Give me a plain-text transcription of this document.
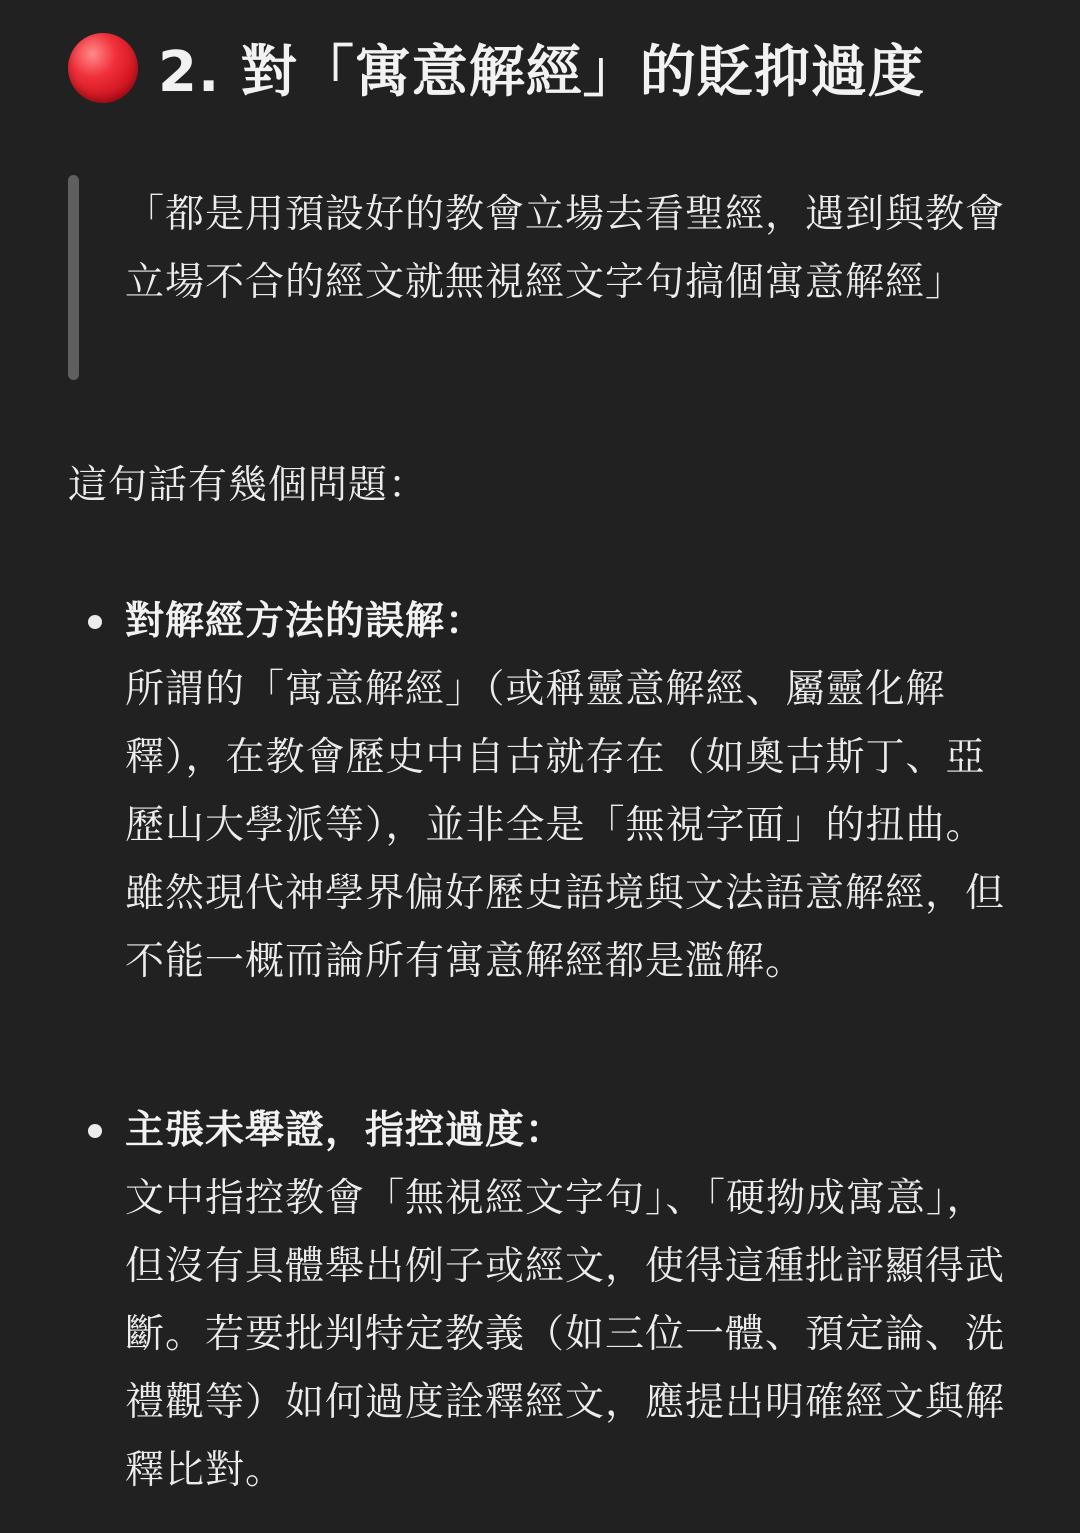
2. 對「寓意解經」的貶抑過度
「都是用預設好的教會立場去看聖經，遇到與教會立場不合的經文就無視經文字句搞個寓意解經」
這句話有幾個問題：
對解經方法的誤解：
所謂的「寓意解經」（或稱靈意解經、屬靈化解釋），在教會歷史中自古就存在（如奧古斯丁、亞歷山大學派等），並非全是「無視字面」的扭曲。雖然現代神學界偏好歷史語境與文法語意解經，但不能一概而論所有寓意解經都是濫解。
主張未舉證，指控過度：
文中指控教會「無視經文字句」、「硬拗成寓意」，但沒有具體舉出例子或經文，使得這種批評顯得武斷。若要批判特定教義（如三位一體、預定論、洗禮觀等）如何過度詮釋經文，應提出明確經文與解釋比對。
